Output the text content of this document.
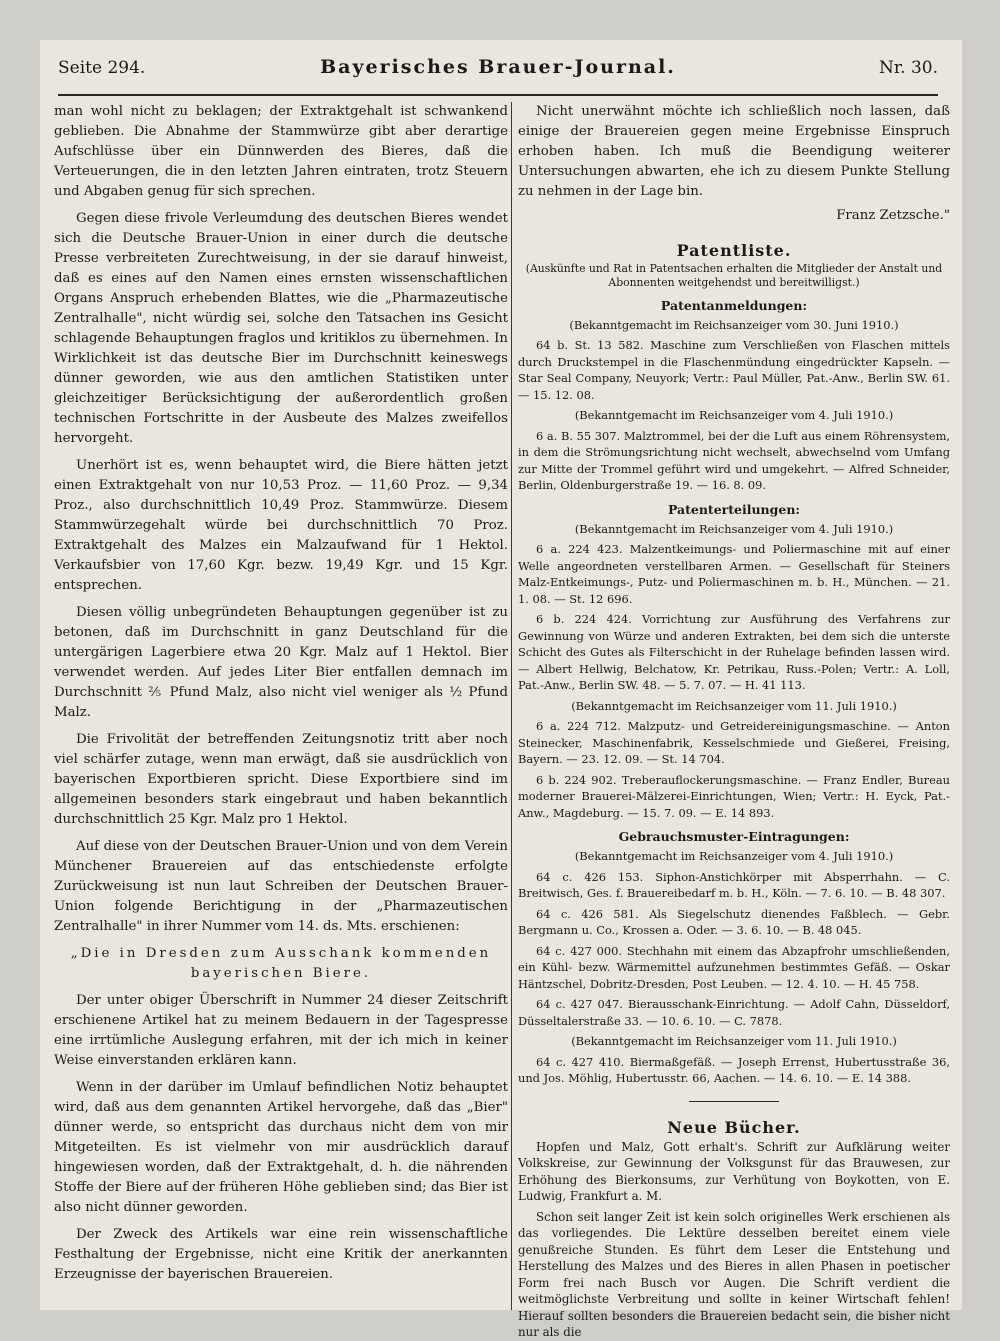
Seite 294.	Bayerisches Brauer-Journal.	Nr. 30.

man wohl nicht zu beklagen; der Extraktgehalt ist schwankend geblieben. Die Abnahme der Stammwürze gibt aber derartige Aufschlüsse über ein Dünnwerden des Bieres, daß die Verteuerungen, die in den letzten Jahren eintraten, trotz Steuern und Abgaben genug für sich sprechen.

Gegen diese frivole Verleumdung des deutschen Bieres wendet sich die Deutsche Brauer-Union in einer durch die deutsche Presse verbreiteten Zurechtweisung, in der sie darauf hinweist, daß es eines auf den Namen eines ernsten wissenschaftlichen Organs Anspruch erhebenden Blattes, wie die „Pharmazeutische Zentralhalle", nicht würdig sei, solche den Tatsachen ins Gesicht schlagende Behauptungen fraglos und kritiklos zu übernehmen. In Wirklichkeit ist das deutsche Bier im Durchschnitt keineswegs dünner geworden, wie aus den amtlichen Statistiken unter gleichzeitiger Berücksichtigung der außerordentlich großen technischen Fortschritte in der Ausbeute des Malzes zweifellos hervorgeht.

Unerhört ist es, wenn behauptet wird, die Biere hätten jetzt einen Extraktgehalt von nur 10,53 Proz. — 11,60 Proz. — 9,34 Proz., also durchschnittlich 10,49 Proz. Stammwürze. Diesem Stammwürzegehalt würde bei durchschnittlich 70 Proz. Extraktgehalt des Malzes ein Malzaufwand für 1 Hektol. Verkaufsbier von 17,60 Kgr. bezw. 19,49 Kgr. und 15 Kgr. entsprechen.

Diesen völlig unbegründeten Behauptungen gegenüber ist zu betonen, daß im Durchschnitt in ganz Deutschland für die untergärigen Lagerbiere etwa 20 Kgr. Malz auf 1 Hektol. Bier verwendet werden. Auf jedes Liter Bier entfallen demnach im Durchschnitt ⅖ Pfund Malz, also nicht viel weniger als ½ Pfund Malz.

Die Frivolität der betreffenden Zeitungsnotiz tritt aber noch viel schärfer zutage, wenn man erwägt, daß sie ausdrücklich von bayerischen Exportbieren spricht. Diese Exportbiere sind im allgemeinen besonders stark eingebraut und haben bekanntlich durchschnittlich 25 Kgr. Malz pro 1 Hektol.

Auf diese von der Deutschen Brauer-Union und von dem Verein Münchener Brauereien auf das entschiedenste erfolgte Zurückweisung ist nun laut Schreiben der Deutschen Brauer-Union folgende Berichtigung in der „Pharmazeutischen Zentralhalle" in ihrer Nummer vom 14. ds. Mts. erschienen:

„Die in Dresden zum Ausschank kommenden bayerischen Biere.

Der unter obiger Überschrift in Nummer 24 dieser Zeitschrift erschienene Artikel hat zu meinem Bedauern in der Tagespresse eine irrtümliche Auslegung erfahren, mit der ich mich in keiner Weise einverstanden erklären kann.

Wenn in der darüber im Umlauf befindlichen Notiz behauptet wird, daß aus dem genannten Artikel hervorgehe, daß das „Bier" dünner werde, so entspricht das durchaus nicht dem von mir Mitgeteilten. Es ist vielmehr von mir ausdrücklich darauf hingewiesen worden, daß der Extraktgehalt, d. h. die nährenden Stoffe der Biere auf der früheren Höhe geblieben sind; das Bier ist also nicht dünner geworden.

Der Zweck des Artikels war eine rein wissenschaftliche Festhaltung der Ergebnisse, nicht eine Kritik der anerkannten Erzeugnisse der bayerischen Brauereien.

Nicht unerwähnt möchte ich schließlich noch lassen, daß einige der Brauereien gegen meine Ergebnisse Einspruch erhoben haben. Ich muß die Beendigung weiterer Untersuchungen abwarten, ehe ich zu diesem Punkte Stellung zu nehmen in der Lage bin.

Franz Zetzsche."

Patentliste.

(Auskünfte und Rat in Patentsachen erhalten die Mitglieder der Anstalt und Abonnenten weitgehendst und bereitwilligst.)

Patentanmeldungen:

(Bekanntgemacht im Reichsanzeiger vom 30. Juni 1910.)

64 b. St. 13 582. Maschine zum Verschließen von Flaschen mittels durch Druckstempel in die Flaschenmündung eingedrückter Kapseln. — Star Seal Company, Neuyork; Vertr.: Paul Müller, Pat.-Anw., Berlin SW. 61. — 15. 12. 08.

(Bekanntgemacht im Reichsanzeiger vom 4. Juli 1910.)

6 a. B. 55 307. Malztrommel, bei der die Luft aus einem Röhrensystem, in dem die Strömungsrichtung nicht wechselt, abwechselnd vom Umfang zur Mitte der Trommel geführt wird und umgekehrt. — Alfred Schneider, Berlin, Oldenburgerstraße 19. — 16. 8. 09.

Patenterteilungen:

(Bekanntgemacht im Reichsanzeiger vom 4. Juli 1910.)

6 a. 224 423. Malzentkeimungs- und Poliermaschine mit auf einer Welle angeordneten verstellbaren Armen. — Gesellschaft für Steiners Malz-Entkeimungs-, Putz- und Poliermaschinen m. b. H., München. — 21. 1. 08. — St. 12 696.

6 b. 224 424. Vorrichtung zur Ausführung des Verfahrens zur Gewinnung von Würze und anderen Extrakten, bei dem sich die unterste Schicht des Gutes als Filterschicht in der Ruhelage befinden lassen wird. — Albert Hellwig, Belchatow, Kr. Petrikau, Russ.-Polen; Vertr.: A. Loll, Pat.-Anw., Berlin SW. 48. — 5. 7. 07. — H. 41 113.

(Bekanntgemacht im Reichsanzeiger vom 11. Juli 1910.)

6 a. 224 712. Malzputz- und Getreidereinigungsmaschine. — Anton Steinecker, Maschinenfabrik, Kesselschmiede und Gießerei, Freising, Bayern. — 23. 12. 09. — St. 14 704.

6 b. 224 902. Treberauflockerungsmaschine. — Franz Endler, Bureau moderner Brauerei-Mälzerei-Einrichtungen, Wien; Vertr.: H. Eyck, Pat.-Anw., Magdeburg. — 15. 7. 09. — E. 14 893.

Gebrauchsmuster-Eintragungen:

(Bekanntgemacht im Reichsanzeiger vom 4. Juli 1910.)

64 c. 426 153. Siphon-Anstichkörper mit Absperrhahn. — C. Breitwisch, Ges. f. Brauereibedarf m. b. H., Köln. — 7. 6. 10. — B. 48 307.

64 c. 426 581. Als Siegelschutz dienendes Faßblech. — Gebr. Bergmann u. Co., Krossen a. Oder. — 3. 6. 10. — B. 48 045.

64 c. 427 000. Stechhahn mit einem das Abzapfrohr umschließenden, ein Kühl- bezw. Wärmemittel aufzunehmen bestimmtes Gefäß. — Oskar Häntzschel, Dobritz-Dresden, Post Leuben. — 12. 4. 10. — H. 45 758.

64 c. 427 047. Bierausschank-Einrichtung. — Adolf Cahn, Düsseldorf, Düsseltalerstraße 33. — 10. 6. 10. — C. 7878.

(Bekanntgemacht im Reichsanzeiger vom 11. Juli 1910.)

64 c. 427 410. Biermaßgefäß. — Joseph Errenst, Hubertusstraße 36, und Jos. Möhlig, Hubertusstr. 66, Aachen. — 14. 6. 10. — E. 14 388.

Neue Bücher.

Hopfen und Malz, Gott erhalt's. Schrift zur Aufklärung weiter Volkskreise, zur Gewinnung der Volksgunst für das Brauwesen, zur Erhöhung des Bierkonsums, zur Verhütung von Boykotten, von E. Ludwig, Frankfurt a. M.

Schon seit langer Zeit ist kein solch originelles Werk erschienen als das vorliegendes. Die Lektüre desselben bereitet einem viele genußreiche Stunden. Es führt dem Leser die Entstehung und Herstellung des Malzes und des Bieres in allen Phasen in poetischer Form frei nach Busch vor Augen. Die Schrift verdient die weitmöglichste Verbreitung und sollte in keiner Wirtschaft fehlen! Hierauf sollten besonders die Brauereien bedacht sein, die bisher nicht nur als die
